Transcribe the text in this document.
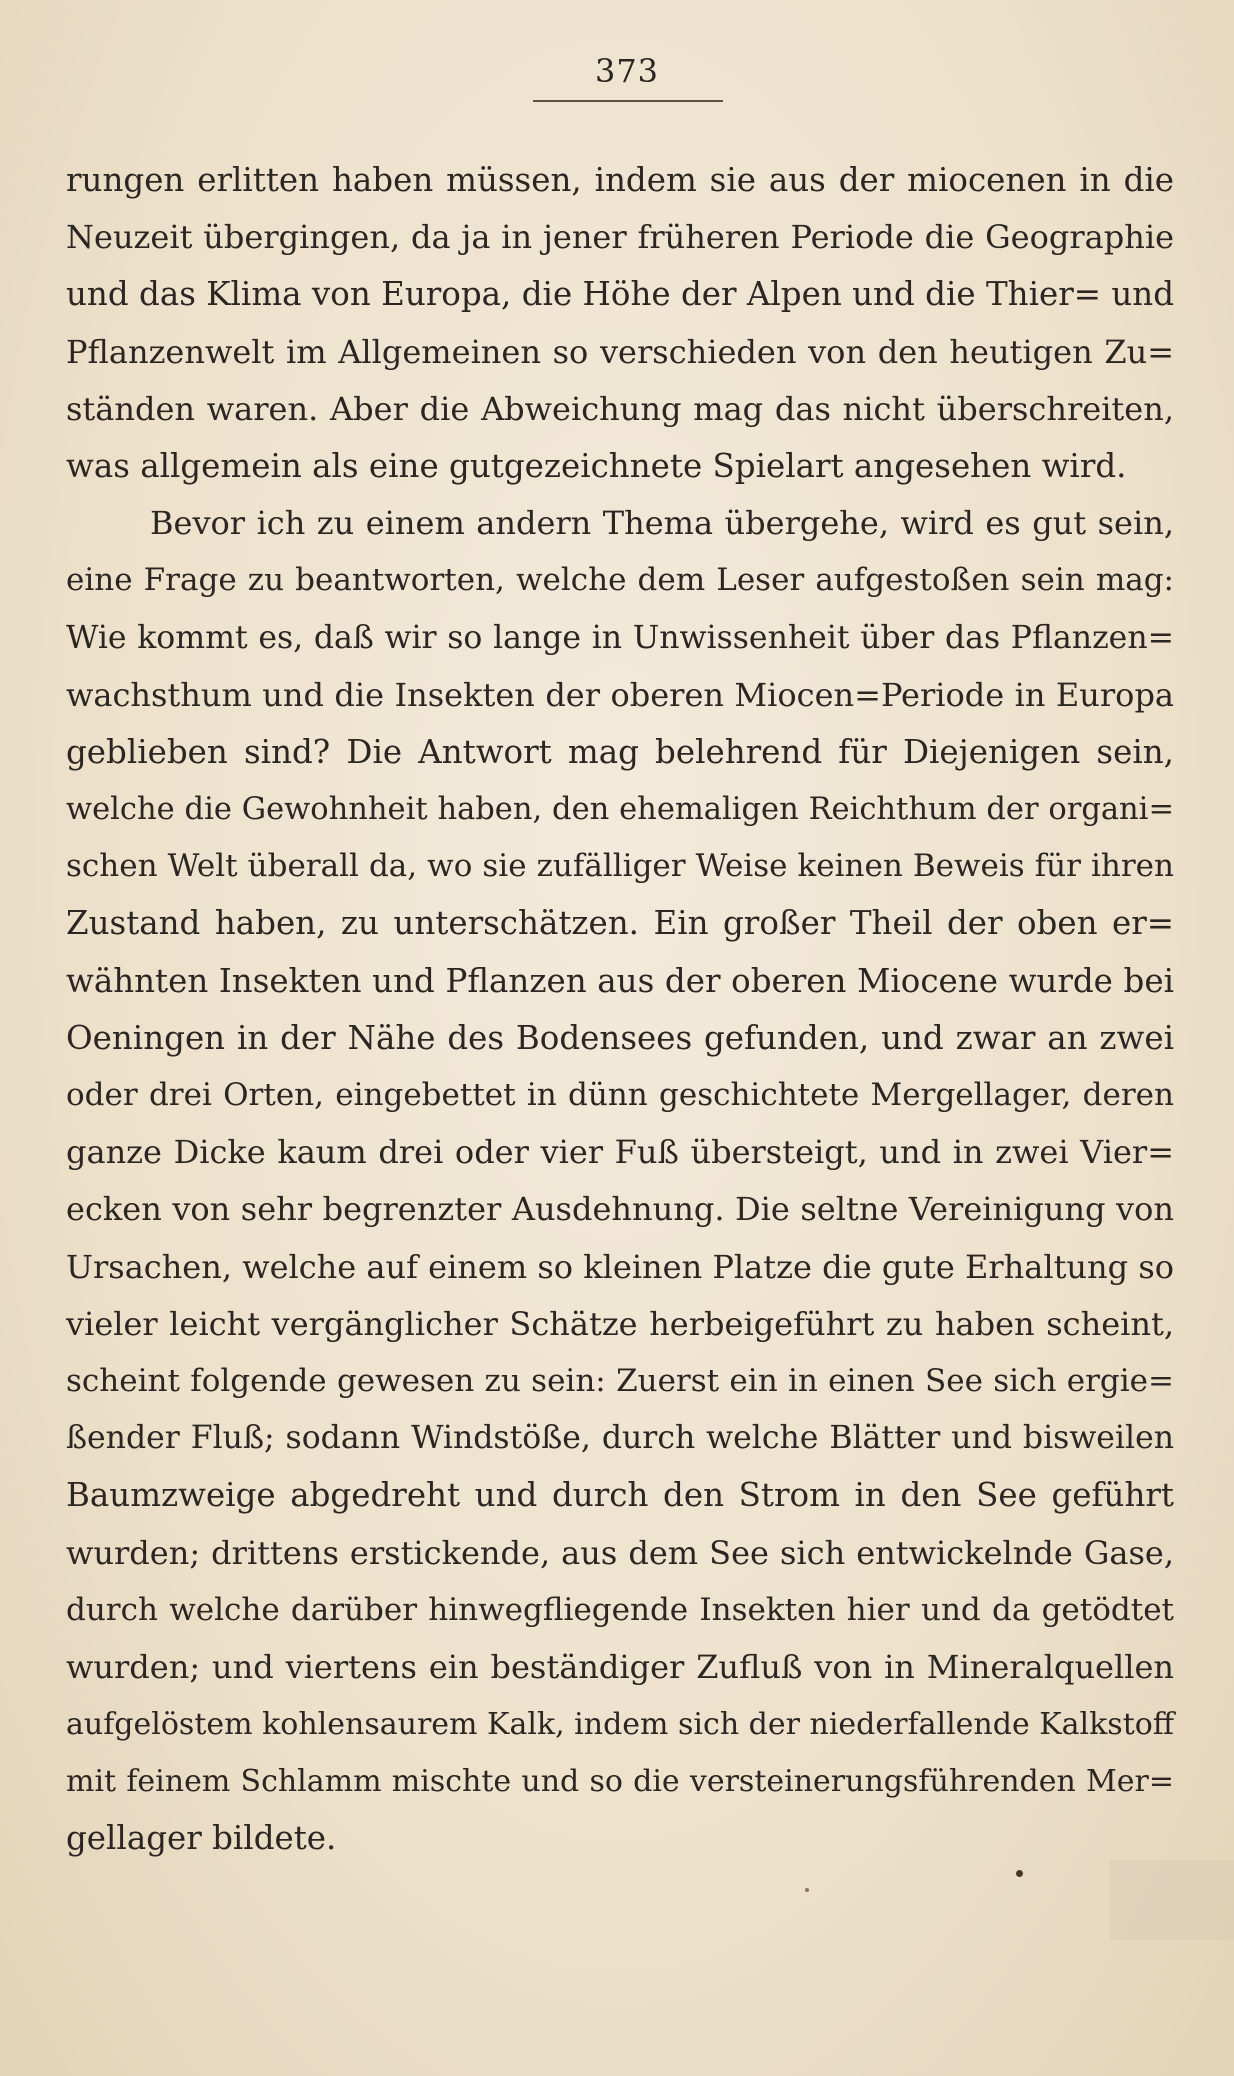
373
rungen erlitten haben müssen, indem sie aus der miocenen in die
Neuzeit übergingen, da ja in jener früheren Periode die Geographie
und das Klima von Europa, die Höhe der Alpen und die Thier= und
Pflanzenwelt im Allgemeinen so verschieden von den heutigen Zu=
ständen waren. Aber die Abweichung mag das nicht überschreiten,
was allgemein als eine gutgezeichnete Spielart angesehen wird.
Bevor ich zu einem andern Thema übergehe, wird es gut sein,
eine Frage zu beantworten, welche dem Leser aufgestoßen sein mag:
Wie kommt es, daß wir so lange in Unwissenheit über das Pflanzen=
wachsthum und die Insekten der oberen Miocen=Periode in Europa
geblieben sind? Die Antwort mag belehrend für Diejenigen sein,
welche die Gewohnheit haben, den ehemaligen Reichthum der organi=
schen Welt überall da, wo sie zufälliger Weise keinen Beweis für ihren
Zustand haben, zu unterschätzen. Ein großer Theil der oben er=
wähnten Insekten und Pflanzen aus der oberen Miocene wurde bei
Oeningen in der Nähe des Bodensees gefunden, und zwar an zwei
oder drei Orten, eingebettet in dünn geschichtete Mergellager, deren
ganze Dicke kaum drei oder vier Fuß übersteigt, und in zwei Vier=
ecken von sehr begrenzter Ausdehnung. Die seltne Vereinigung von
Ursachen, welche auf einem so kleinen Platze die gute Erhaltung so
vieler leicht vergänglicher Schätze herbeigeführt zu haben scheint,
scheint folgende gewesen zu sein: Zuerst ein in einen See sich ergie=
ßender Fluß; sodann Windstöße, durch welche Blätter und bisweilen
Baumzweige abgedreht und durch den Strom in den See geführt
wurden; drittens erstickende, aus dem See sich entwickelnde Gase,
durch welche darüber hinwegfliegende Insekten hier und da getödtet
wurden; und viertens ein beständiger Zufluß von in Mineralquellen
aufgelöstem kohlensaurem Kalk, indem sich der niederfallende Kalkstoff
mit feinem Schlamm mischte und so die versteinerungsführenden Mer=
gellager bildete.
